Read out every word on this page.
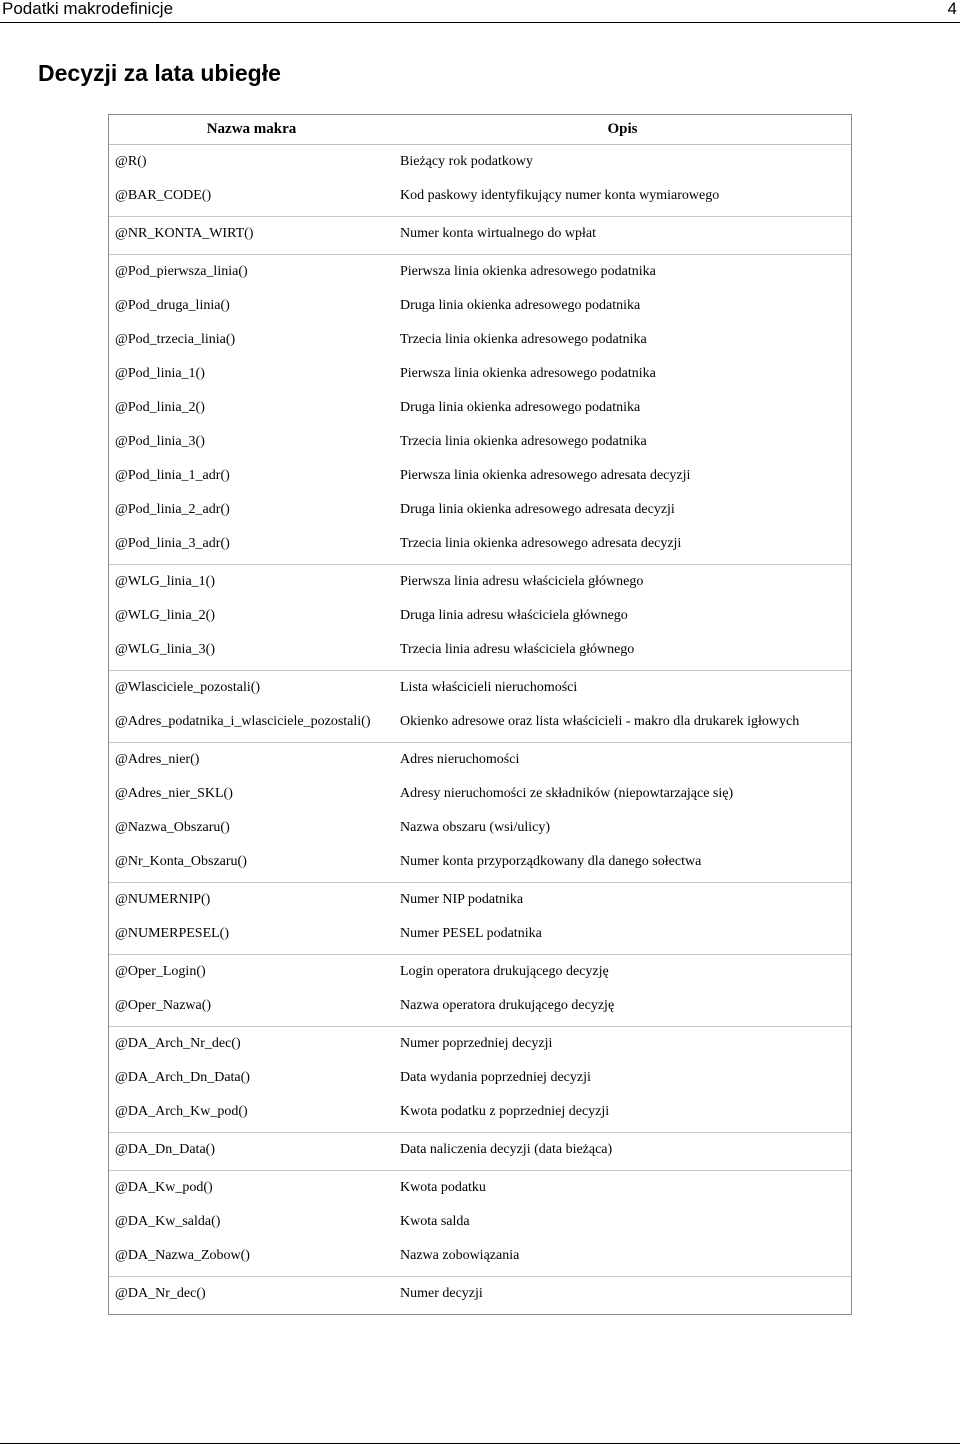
Podatki makrodefinicje	4
Decyzji za lata ubiegłe
Nazwa makra	Opis
@R()	Bieżący rok podatkowy
@BAR_CODE()	Kod paskowy identyfikujący numer konta wymiarowego
@NR_KONTA_WIRT()	Numer konta wirtualnego do wpłat
@Pod_pierwsza_linia()	Pierwsza linia okienka adresowego podatnika
@Pod_druga_linia()	Druga linia okienka adresowego podatnika
@Pod_trzecia_linia()	Trzecia linia okienka adresowego podatnika
@Pod_linia_1()	Pierwsza linia okienka adresowego podatnika
@Pod_linia_2()	Druga linia okienka adresowego podatnika
@Pod_linia_3()	Trzecia linia okienka adresowego podatnika
@Pod_linia_1_adr()	Pierwsza linia okienka adresowego adresata decyzji
@Pod_linia_2_adr()	Druga linia okienka adresowego adresata decyzji
@Pod_linia_3_adr()	Trzecia linia okienka adresowego adresata decyzji
@WLG_linia_1()	Pierwsza linia adresu właściciela głównego
@WLG_linia_2()	Druga linia adresu właściciela głównego
@WLG_linia_3()	Trzecia linia adresu właściciela głównego
@Wlasciciele_pozostali()	Lista właścicieli nieruchomości
@Adres_podatnika_i_wlasciciele_pozostali()	Okienko adresowe oraz lista właścicieli - makro dla drukarek igłowych
@Adres_nier()	Adres nieruchomości
@Adres_nier_SKL()	Adresy nieruchomości ze składników (niepowtarzające się)
@Nazwa_Obszaru()	Nazwa obszaru (wsi/ulicy)
@Nr_Konta_Obszaru()	Numer konta przyporządkowany dla danego sołectwa
@NUMERNIP()	Numer NIP podatnika
@NUMERPESEL()	Numer PESEL podatnika
@Oper_Login()	Login operatora drukującego decyzję
@Oper_Nazwa()	Nazwa operatora drukującego decyzję
@DA_Arch_Nr_dec()	Numer poprzedniej decyzji
@DA_Arch_Dn_Data()	Data wydania poprzedniej decyzji
@DA_Arch_Kw_pod()	Kwota podatku z poprzedniej decyzji
@DA_Dn_Data()	Data naliczenia decyzji (data bieżąca)
@DA_Kw_pod()	Kwota podatku
@DA_Kw_salda()	Kwota salda
@DA_Nazwa_Zobow()	Nazwa zobowiązania
@DA_Nr_dec()	Numer decyzji
